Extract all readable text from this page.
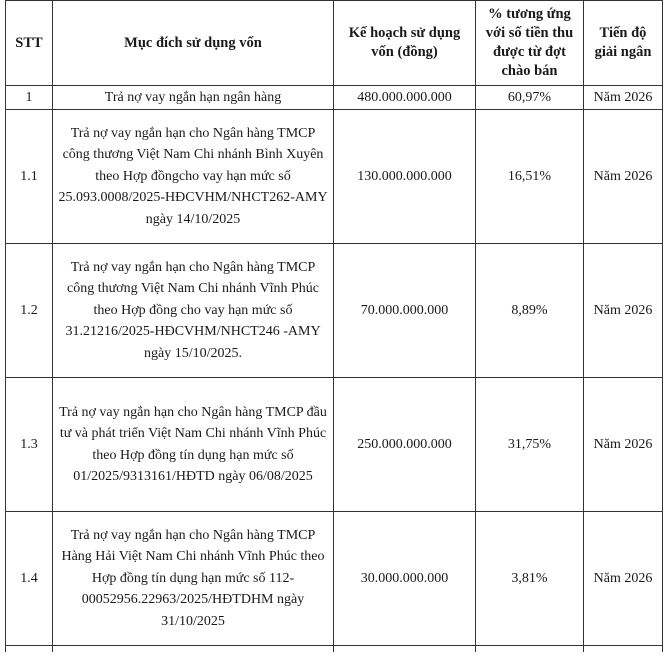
STT	Mục đích sử dụng vốn	Kế hoạch sử dụng vốn (đồng)	% tương ứng với số tiền thu được từ đợt chào bán	Tiến độ giải ngân
1	Trả nợ vay ngắn hạn ngân hàng	480.000.000.000	60,97%	Năm 2026
1.1	Trả nợ vay ngắn hạn cho Ngân hàng TMCP công thương Việt Nam Chi nhánh Bình Xuyên theo Hợp đồngcho vay hạn mức số 25.093.0008/2025-HĐCVHM/NHCT262-AMY ngày 14/10/2025	130.000.000.000	16,51%	Năm 2026
1.2	Trả nợ vay ngắn hạn cho Ngân hàng TMCP công thương Việt Nam Chi nhánh Vĩnh Phúc theo Hợp đồng cho vay hạn mức số 31.21216/2025-HĐCVHM/NHCT246 -AMY ngày 15/10/2025.	70.000.000.000	8,89%	Năm 2026
1.3	Trả nợ vay ngắn hạn cho Ngân hàng TMCP đầu tư và phát triển Việt Nam Chi nhánh Vĩnh Phúc theo Hợp đồng tín dụng hạn mức số 01/2025/9313161/HĐTD ngày 06/08/2025	250.000.000.000	31,75%	Năm 2026
1.4	Trả nợ vay ngắn hạn cho Ngân hàng TMCP Hàng Hải Việt Nam Chi nhánh Vĩnh Phúc theo Hợp đồng tín dụng hạn mức số 112-00052956.22963/2025/HĐTDHM ngày 31/10/2025	30.000.000.000	3,81%	Năm 2026
